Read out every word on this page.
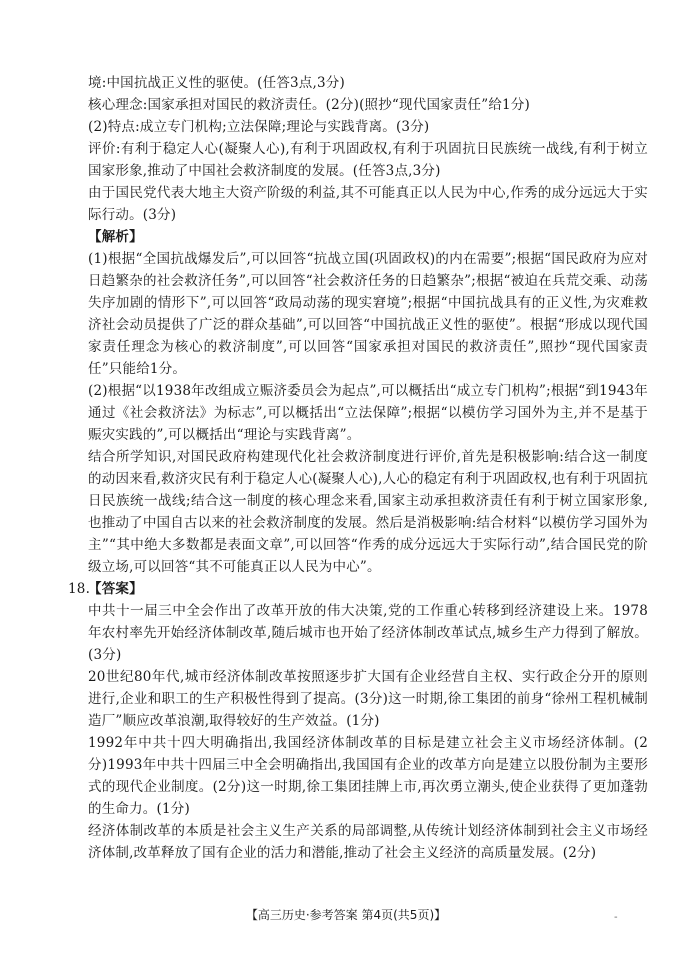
境:中国抗战正义性的驱使。(任答3点,3分)

核心理念:国家承担对国民的救济责任。(2分)(照抄“现代国家责任”给1分)

(2)特点:成立专门机构;立法保障;理论与实践背离。(3分)

评价:有利于稳定人心(凝聚人心),有利于巩固政权,有利于巩固抗日民族统一战线,有利于树立国家形象,推动了中国社会救济制度的发展。(任答3点,3分)

由于国民党代表大地主大资产阶级的利益,其不可能真正以人民为中心,作秀的成分远远大于实际行动。(3分)

【解析】

(1)根据“全国抗战爆发后”,可以回答“抗战立国(巩固政权)的内在需要”;根据“国民政府为应对日趋繁杂的社会救济任务”,可以回答“社会救济任务的日趋繁杂”;根据“被迫在兵荒交乘、动荡失序加剧的情形下”,可以回答“政局动荡的现实窘境”;根据“中国抗战具有的正义性,为灾难救济社会动员提供了广泛的群众基础”,可以回答“中国抗战正义性的驱使”。根据“形成以现代国家责任理念为核心的救济制度”,可以回答“国家承担对国民的救济责任”,照抄“现代国家责任”只能给1分。

(2)根据“以1938年改组成立赈济委员会为起点”,可以概括出“成立专门机构”;根据“到1943年通过《社会救济法》为标志”,可以概括出“立法保障”;根据“以模仿学习国外为主,并不是基于赈灾实践的”,可以概括出“理论与实践背离”。

结合所学知识,对国民政府构建现代化社会救济制度进行评价,首先是积极影响:结合这一制度的动因来看,救济灾民有利于稳定人心(凝聚人心),人心的稳定有利于巩固政权,也有利于巩固抗日民族统一战线;结合这一制度的核心理念来看,国家主动承担救济责任有利于树立国家形象,也推动了中国自古以来的社会救济制度的发展。然后是消极影响:结合材料“以模仿学习国外为主”“其中绝大多数都是表面文章”,可以回答“作秀的成分远远大于实际行动”,结合国民党的阶级立场,可以回答“其不可能真正以人民为中心”。

18.
【答案】

中共十一届三中全会作出了改革开放的伟大决策,党的工作重心转移到经济建设上来。1978年农村率先开始经济体制改革,随后城市也开始了经济体制改革试点,城乡生产力得到了解放。(3分)

20世纪80年代,城市经济体制改革按照逐步扩大国有企业经营自主权、实行政企分开的原则进行,企业和职工的生产积极性得到了提高。(3分)这一时期,徐工集团的前身“徐州工程机械制造厂”顺应改革浪潮,取得较好的生产效益。(1分)

1992年中共十四大明确指出,我国经济体制改革的目标是建立社会主义市场经济体制。(2分)1993年中共十四届三中全会明确指出,我国国有企业的改革方向是建立以股份制为主要形式的现代企业制度。(2分)这一时期,徐工集团挂牌上市,再次勇立潮头,使企业获得了更加蓬勃的生命力。(1分)

经济体制改革的本质是社会主义生产关系的局部调整,从传统计划经济体制到社会主义市场经济体制,改革释放了国有企业的活力和潜能,推动了社会主义经济的高质量发展。(2分)

【高三历史·参考答案 第4页(共5页)】	-
